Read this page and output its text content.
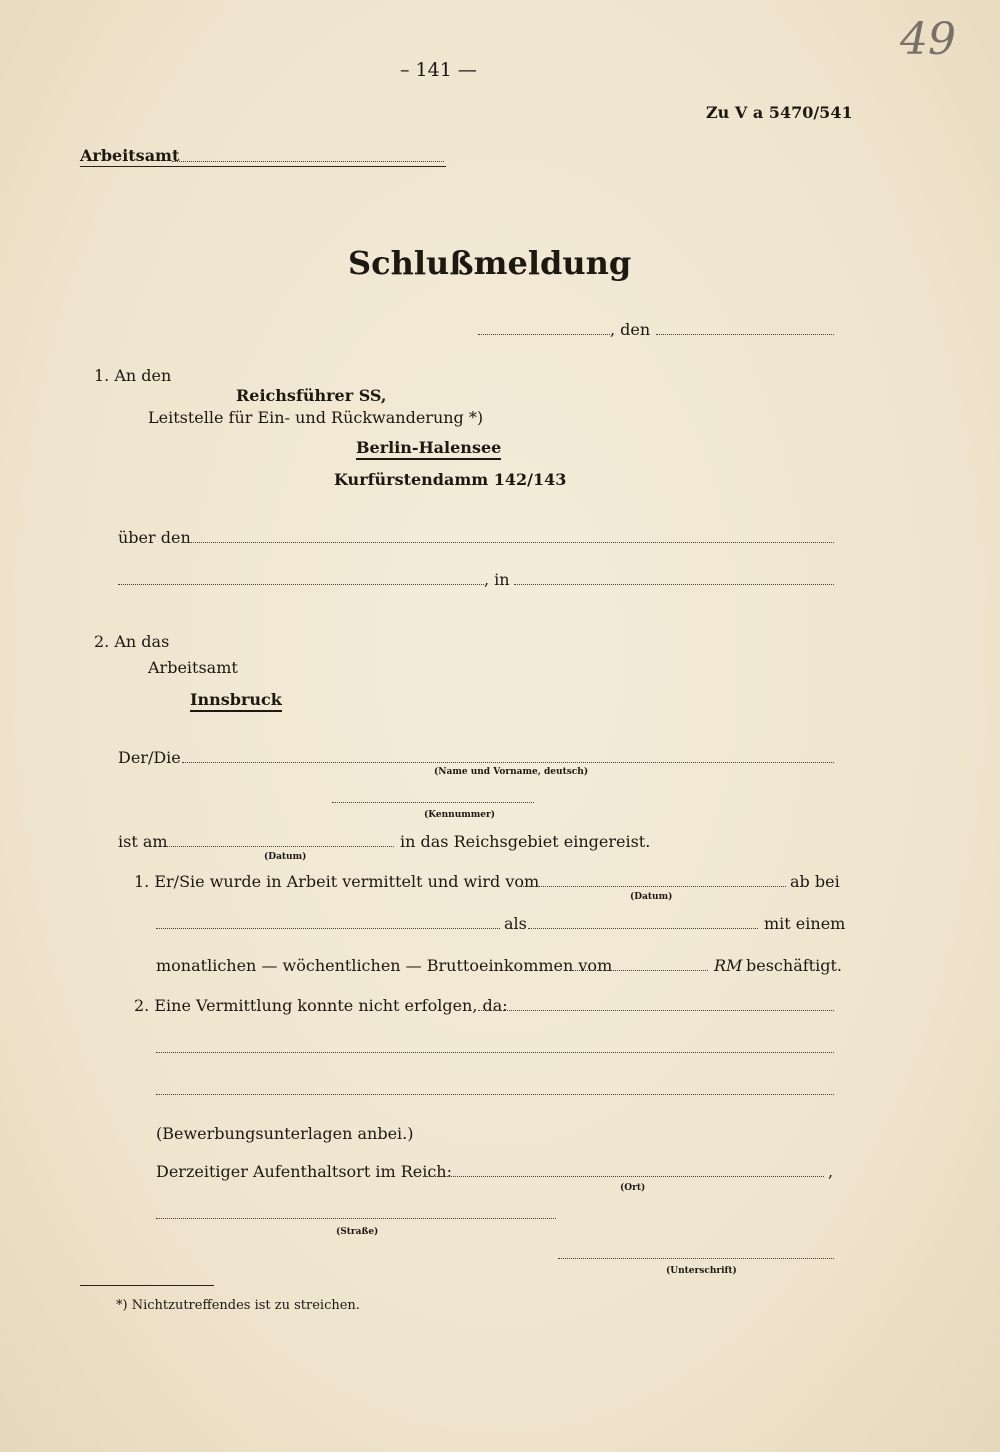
– 141 —
Zu V a 5470/541
49
Arbeitsamt
Schlußmeldung
, den
1. An den
Reichsführer SS,
Leitstelle für Ein- und Rückwanderung *)
Berlin-Halensee
Kurfürstendamm 142/143
über den
, in
2. An das
Arbeitsamt
Innsbruck
Der/Die
(Name und Vorname, deutsch)
(Kennummer)
ist am	in das Reichsgebiet eingereist.
(Datum)
1. Er/Sie wurde in Arbeit vermittelt und wird vom	ab bei
(Datum)
als	mit einem
monatlichen — wöchentlichen — Bruttoeinkommen vom	RM beschäftigt.
2. Eine Vermittlung konnte nicht erfolgen, da:
(Bewerbungsunterlagen anbei.)
Derzeitiger Aufenthaltsort im Reich:	,
(Ort)
(Straße)
(Unterschrift)
*) Nichtzutreffendes ist zu streichen.
